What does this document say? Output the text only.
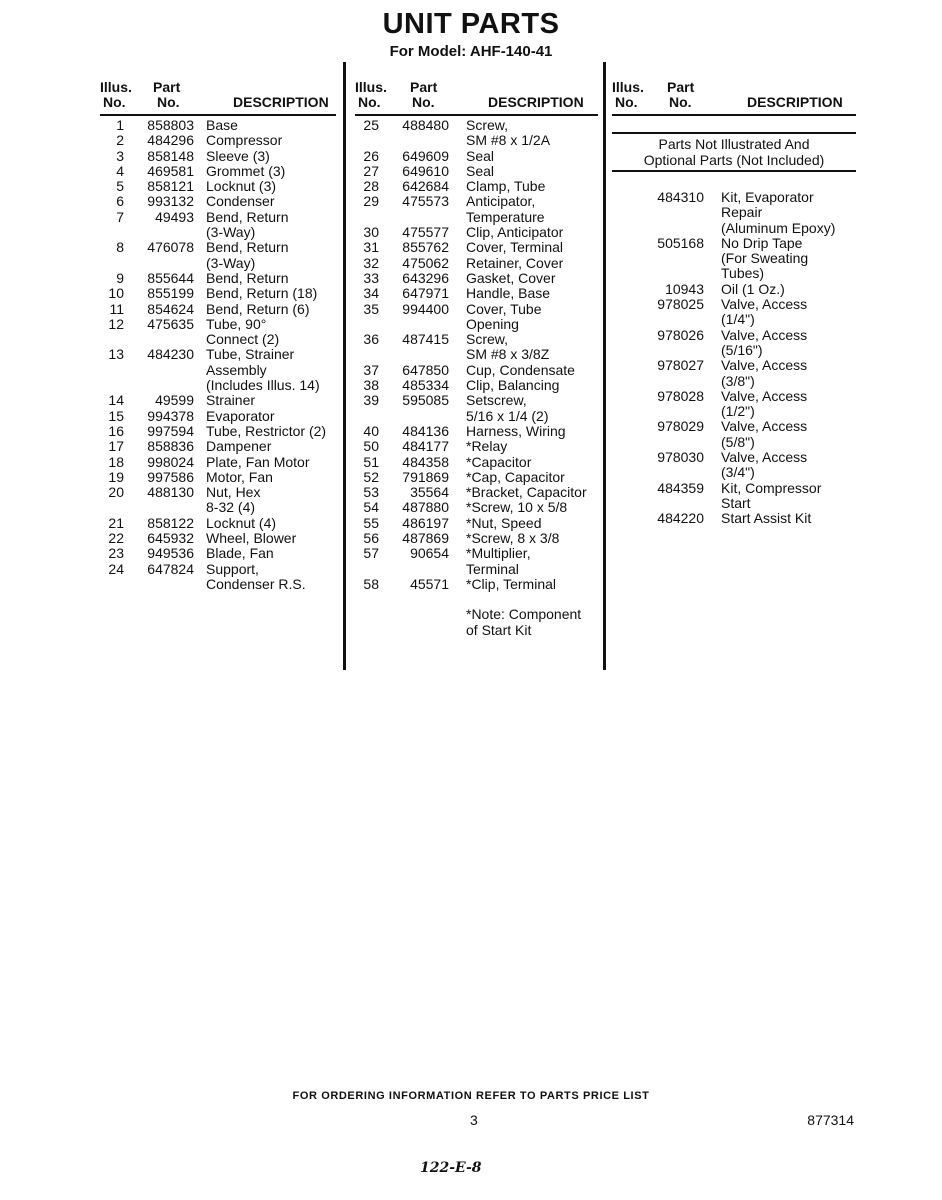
UNIT PARTS
For Model: AHF-140-41
Illus.
No.
Part
No.	DESCRIPTION
1	858803 Base
2	484296 Compressor
3	858148 Sleeve (3)
4	469581 Grommet (3)
5	858121 Locknut (3)
6	993132 Condenser
7	49493 Bend, Return
(3-Way)
8	476078 Bend, Return
(3-Way)
9	855644 Bend, Return
10	855199 Bend, Return (18)
11	854624 Bend, Return (6)
12	475635 Tube, 90°
Connect (2)
13	484230 Tube, Strainer
Assembly
(Includes Illus. 14)
14	49599 Strainer
15	994378 Evaporator
16	997594 Tube, Restrictor (2)
17	858836 Dampener
18	998024 Plate, Fan Motor
19	997586 Motor, Fan
20	488130 Nut, Hex
8-32 (4)
21	858122 Locknut (4)
22	645932 Wheel, Blower
23	949536 Blade, Fan
24	647824 Support,
Condenser R.S.
Illus.
No.
Part
No.	DESCRIPTION
25	488480 Screw,
SM #8 x 1/2A
26	649609 Seal
27	649610 Seal
28	642684 Clamp, Tube
29	475573 Anticipator,
Temperature
30	475577 Clip, Anticipator
31	855762 Cover, Terminal
32	475062 Retainer, Cover
33	643296 Gasket, Cover
34	647971 Handle, Base
35	994400 Cover, Tube
Opening
36	487415 Screw,
SM #8 x 3/8Z
37	647850 Cup, Condensate
38	485334 Clip, Balancing
39	595085 Setscrew,
5/16 x 1/4 (2)
40	484136 Harness, Wiring
50	484177 *Relay
51	484358 *Capacitor
52	791869 *Cap, Capacitor
53	35564 *Bracket, Capacitor
54	487880 *Screw, 10 x 5/8
55	486197 *Nut, Speed
56	487869 *Screw, 8 x 3/8
57	90654 *Multiplier,
Terminal
58	45571 *Clip, Terminal
*Note: Component
of Start Kit
Illus.
No.
Part
No.	DESCRIPTION
Parts Not Illustrated And
Optional Parts (Not Included)
484310 Kit, Evaporator
Repair
(Aluminum Epoxy)
505168 No Drip Tape
(For Sweating
Tubes)
10943 Oil (1 Oz.)
978025 Valve, Access
(1/4")
978026 Valve, Access
(5/16")
978027 Valve, Access
(3/8")
978028 Valve, Access
(1/2")
978029 Valve, Access
(5/8")
978030 Valve, Access
(3/4")
484359 Kit, Compressor
Start
484220 Start Assist Kit
FOR ORDERING INFORMATION REFER TO PARTS PRICE LIST
3	877314
122-E-8
